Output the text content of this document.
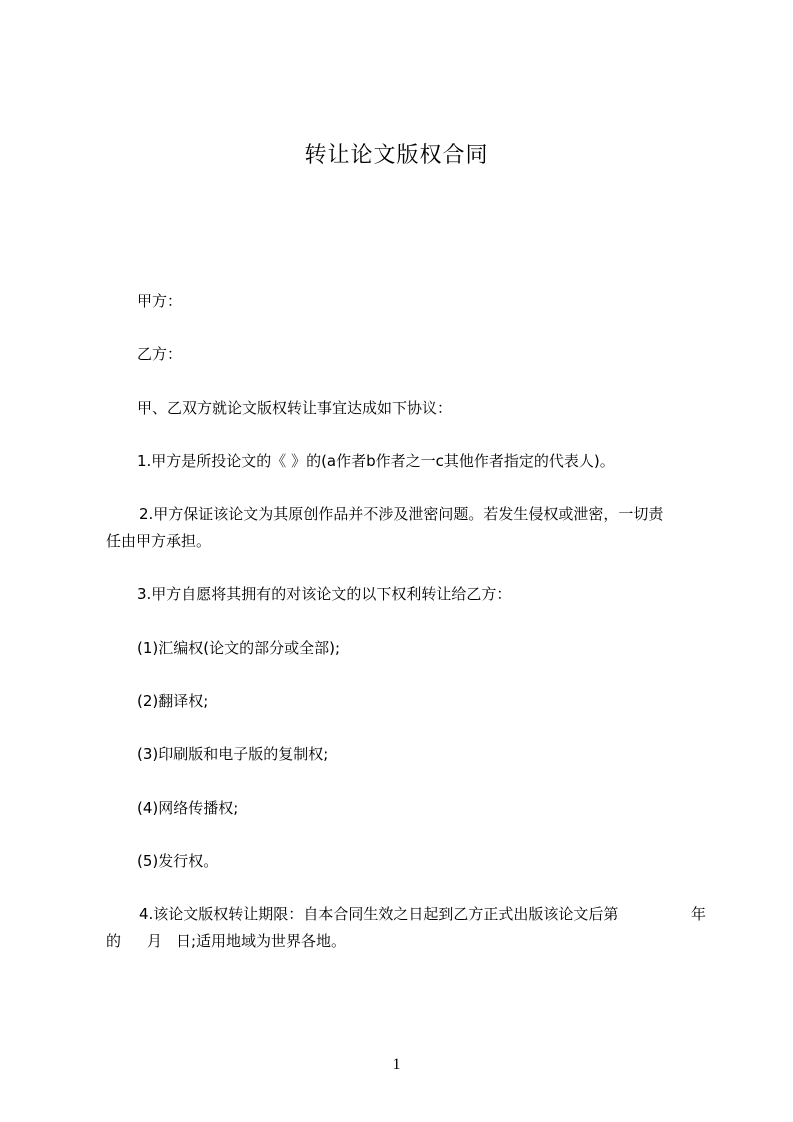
转让论文版权合同
甲方：
乙方：
甲、乙双方就论文版权转让事宜达成如下协议：
1.甲方是所投论文的《 》的(a作者b作者之一c其他作者指定的代表人)。
2.甲方保证该论文为其原创作品并不涉及泄密问题。若发生侵权或泄密，一切责
任由甲方承担。
3.甲方自愿将其拥有的对该论文的以下权利转让给乙方：
(1)汇编权(论文的部分或全部);
(2)翻译权;
(3)印刷版和电子版的复制权;
(4)网络传播权;
(5)发行权。
4.该论文版权转让期限：自本合同生效之日起到乙方正式出版该论文后第	年
的 月 日;适用地域为世界各地。
1
